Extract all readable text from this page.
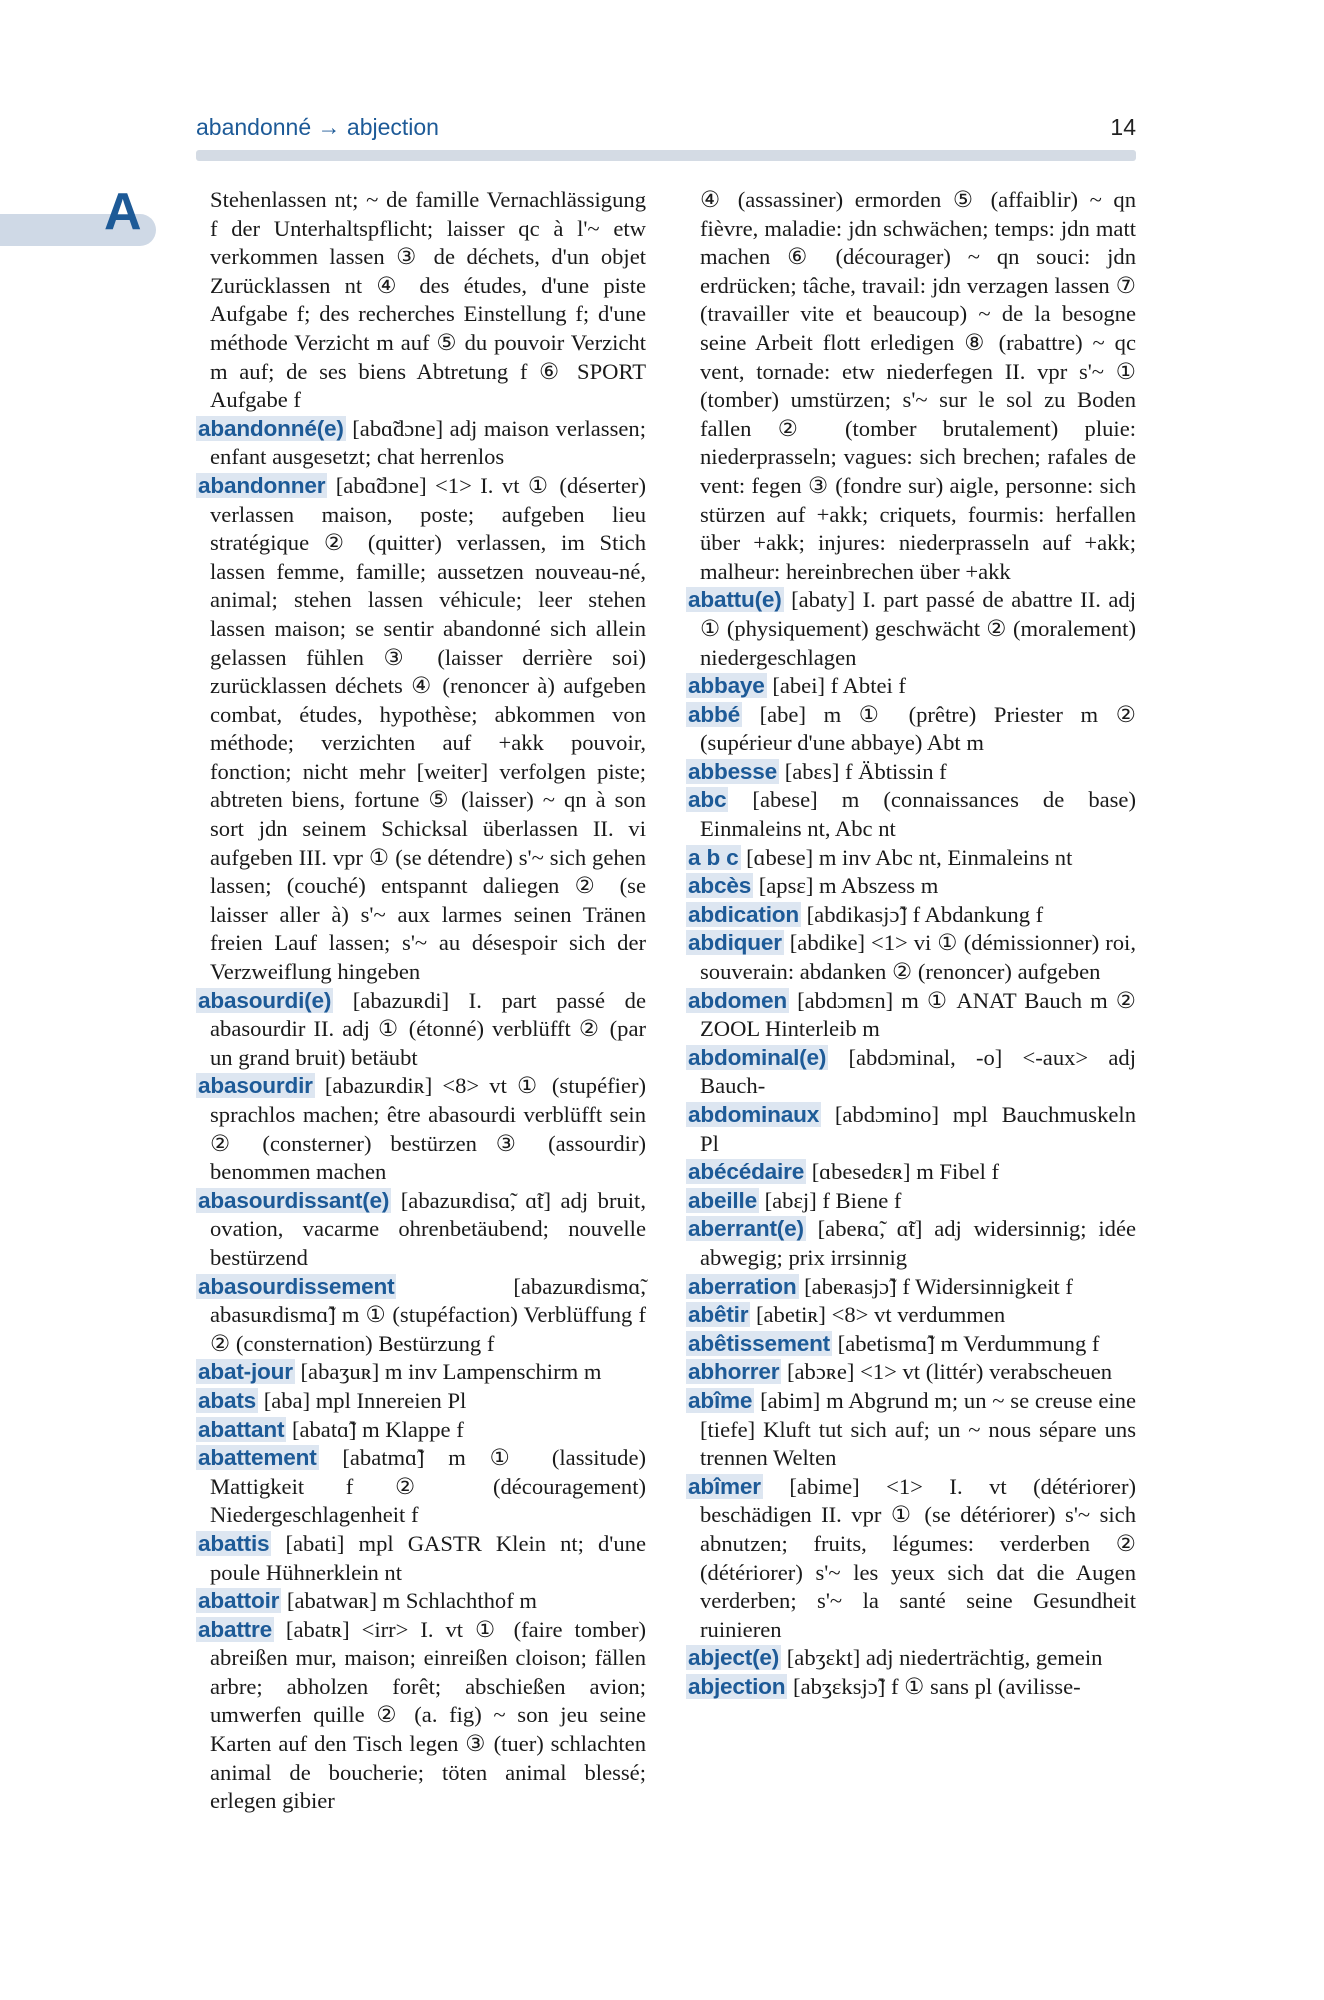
abandonné → abjection	14
A	Stehenlassen nt; ~ de famille Vernachlässigung f der Unterhaltspflicht; laisser qc à l'~ etw verkommen lassen ③ de déchets, d'un objet Zurücklassen nt ④ des études, d'une piste Aufgabe f; des recherches Einstellung f; d'une méthode Verzicht m auf ⑤ du pouvoir Verzicht m auf; de ses biens Abtretung f ⑥ SPORT Aufgabe f

abandonné(e) [abɑ̃dɔne] adj maison verlassen; enfant ausgesetzt; chat herrenlos

abandonner [abɑ̃dɔne] <1> I. vt ① (déserter) verlassen maison, poste; aufgeben lieu stratégique ② (quitter) verlassen, im Stich lassen femme, famille; aussetzen nouveau-né, animal; stehen lassen véhicule; leer stehen lassen maison; se sentir abandonné sich allein gelassen fühlen ③ (laisser derrière soi) zurücklassen déchets ④ (renoncer à) aufgeben combat, études, hypothèse; abkommen von méthode; verzichten auf +akk pouvoir, fonction; nicht mehr [weiter] verfolgen piste; abtreten biens, fortune ⑤ (laisser) ~ qn à son sort jdn seinem Schicksal überlassen II. vi aufgeben III. vpr ① (se détendre) s'~ sich gehen lassen; (couché) entspannt daliegen ② (se laisser aller à) s'~ aux larmes seinen Tränen freien Lauf lassen; s'~ au désespoir sich der Verzweiflung hingeben

abasourdi(e) [abazuʀdi] I. part passé de abasourdir II. adj ① (étonné) verblüfft ② (par un grand bruit) betäubt

abasourdir [abazuʀdiʀ] <8> vt ① (stupéfier) sprachlos machen; être abasourdi verblüfft sein ② (consterner) bestürzen ③ (assourdir) benommen machen

abasourdissant(e) [abazuʀdisɑ̃, ɑ̃t] adj bruit, ovation, vacarme ohrenbetäubend; nouvelle bestürzend

abasourdissement	[abazuʀdismɑ̃, abasuʀdismɑ̃] m ① (stupéfaction) Verblüffung f ② (consternation) Bestürzung f

abat-jour [abaʒuʀ] m inv Lampenschirm m

abats [aba] mpl Innereien Pl

abattant [abatɑ̃] m Klappe f

abattement [abatmɑ̃] m ① (lassitude) Mattigkeit f ② (découragement) Niedergeschlagenheit f

abattis [abati] mpl GASTR Klein nt; d'une poule Hühnerklein nt

abattoir [abatwaʀ] m Schlachthof m

abattre [abatʀ] <irr> I. vt ① (faire tomber) abreißen mur, maison; einreißen cloison; fällen arbre; abholzen forêt; abschießen avion; umwerfen quille ② (a. fig) ~ son jeu seine Karten auf den Tisch legen ③ (tuer) schlachten animal de boucherie; töten animal blessé; erlegen gibier

④ (assassiner) ermorden ⑤ (affaiblir) ~ qn fièvre, maladie: jdn schwächen; temps: jdn matt machen ⑥ (décourager) ~ qn souci: jdn erdrücken; tâche, travail: jdn verzagen lassen ⑦ (travailler vite et beaucoup) ~ de la besogne seine Arbeit flott erledigen ⑧ (rabattre) ~ qc vent, tornade: etw niederfegen II. vpr s'~ ① (tomber) umstürzen; s'~ sur le sol zu Boden fallen ② (tomber brutalement) pluie: niederprasseln; vagues: sich brechen; rafales de vent: fegen ③ (fondre sur) aigle, personne: sich stürzen auf +akk; criquets, fourmis: herfallen über +akk; injures: niederprasseln auf +akk; malheur: hereinbrechen über +akk

abattu(e) [abaty] I. part passé de abattre II. adj ① (physiquement) geschwächt ② (moralement) niedergeschlagen

abbaye [abei] f Abtei f

abbé [abe] m ① (prêtre) Priester m ② (supérieur d'une abbaye) Abt m

abbesse [abɛs] f Äbtissin f

abc [abese] m (connaissances de base) Einmaleins nt, Abc nt

a b c [ɑbese] m inv Abc nt, Einmaleins nt

abcès [apsɛ] m Abszess m

abdication [abdikasjɔ̃] f Abdankung f

abdiquer [abdike] <1> vi ① (démissionner) roi, souverain: abdanken ② (renoncer) aufgeben

abdomen [abdɔmɛn] m ① ANAT Bauch m ② ZOOL Hinterleib m

abdominal(e) [abdɔminal, -o] <-aux> adj Bauch-

abdominaux [abdɔmino] mpl Bauchmuskeln Pl

abécédaire [ɑbesedɛʀ] m Fibel f

abeille [abɛj] f Biene f

aberrant(e) [abeʀɑ̃, ɑ̃t] adj widersinnig; idée abwegig; prix irrsinnig

aberration [abeʀasjɔ̃] f Widersinnigkeit f

abêtir [abetiʀ] <8> vt verdummen

abêtissement [abetismɑ̃] m Verdummung f

abhorrer [abɔʀe] <1> vt (littér) verabscheuen

abîme [abim] m Abgrund m; un ~ se creuse eine [tiefe] Kluft tut sich auf; un ~ nous sépare uns trennen Welten

abîmer [abime] <1> I. vt (détériorer) beschädigen II. vpr ① (se détériorer) s'~ sich abnutzen; fruits, légumes: verderben ② (détériorer) s'~ les yeux sich dat die Augen verderben; s'~ la santé seine Gesundheit ruinieren

abject(e) [abʒɛkt] adj niederträchtig, gemein

abjection [abʒɛksjɔ̃] f ① sans pl (avilisse-
